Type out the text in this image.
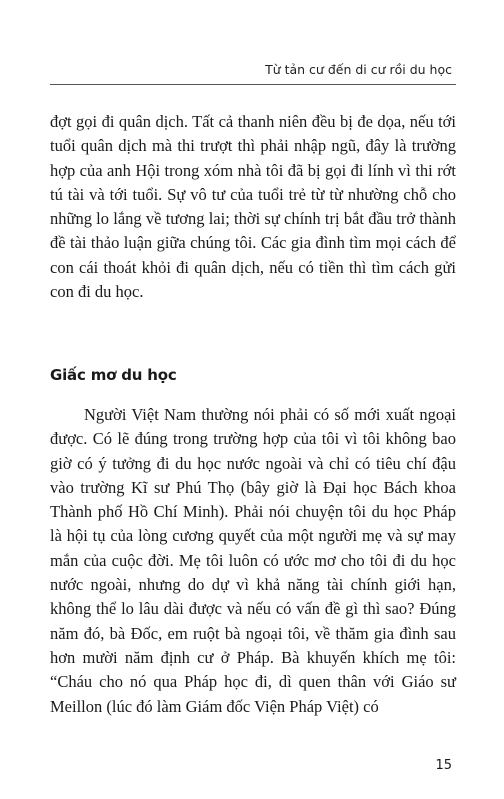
Từ tản cư đến di cư rồi du học

đợt gọi đi quân dịch. Tất cả thanh niên đều bị đe dọa, nếu tới tuổi quân dịch mà thi trượt thì phải nhập ngũ, đây là trường hợp của anh Hội trong xóm nhà tôi đã bị gọi đi lính vì thi rớt tú tài và tới tuổi. Sự vô tư của tuổi trẻ từ từ nhường chỗ cho những lo lắng về tương lai; thời sự chính trị bắt đầu trở thành đề tài thảo luận giữa chúng tôi. Các gia đình tìm mọi cách để con cái thoát khỏi đi quân dịch, nếu có tiền thì tìm cách gửi con đi du học.

Giấc mơ du học

Người Việt Nam thường nói phải có số mới xuất ngoại được. Có lẽ đúng trong trường hợp của tôi vì tôi không bao giờ có ý tưởng đi du học nước ngoài và chỉ có tiêu chí đậu vào trường Kĩ sư Phú Thọ (bây giờ là Đại học Bách khoa Thành phố Hồ Chí Minh). Phải nói chuyện tôi du học Pháp là hội tụ của lòng cương quyết của một người mẹ và sự may mắn của cuộc đời. Mẹ tôi luôn có ước mơ cho tôi đi du học nước ngoài, nhưng do dự vì khả năng tài chính giới hạn, không thể lo lâu dài được và nếu có vấn đề gì thì sao? Đúng năm đó, bà Đốc, em ruột bà ngoại tôi, về thăm gia đình sau hơn mười năm định cư ở Pháp. Bà khuyến khích mẹ tôi: “Cháu cho nó qua Pháp học đi, dì quen thân với Giáo sư Meillon (lúc đó làm Giám đốc Viện Pháp Việt) có

15
